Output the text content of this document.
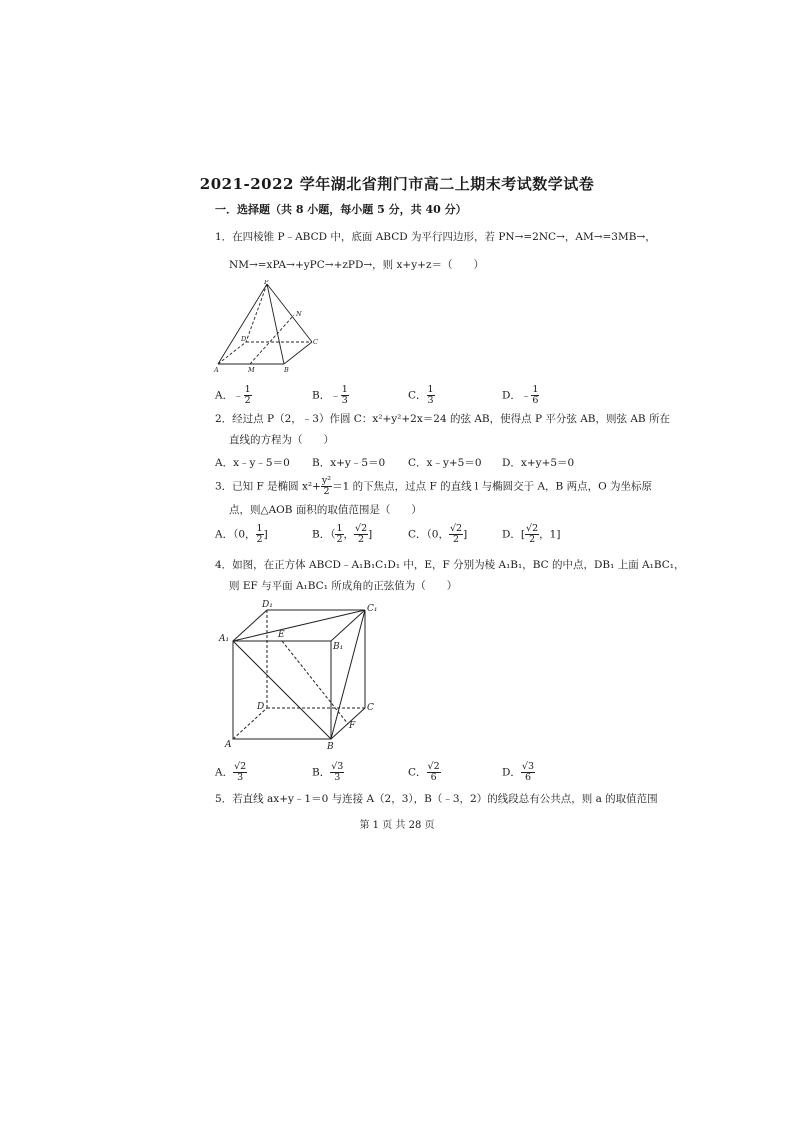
2021-2022 学年湖北省荆门市高二上期末考试数学试卷
一．选择题（共 8 小题，每小题 5 分，共 40 分）
1．在四棱锥 P﹣ABCD 中，底面 ABCD 为平行四边形，若 PN→=2NC→，AM→=3MB→，
NM→=xPA→+yPC→+zPD→，则 x+y+z＝（　　）
P
N
D	C
A	M	B
A．﹣ $\frac{1}{2}$	B．﹣ $\frac{1}{3}$	C． $\frac{1}{3}$	D．﹣ $\frac{1}{6}$
2．经过点 P（2，﹣3）作圆 C：x²+y²+2x＝24 的弦 AB，使得点 P 平分弦 AB，则弦 AB 所在
直线的方程为（　　）
A．x﹣y﹣5＝0 B．x+y﹣5＝0 C．x﹣y+5＝0 D．x+y+5＝0
3．已知 F 是椭圆 $x^2+ \frac{\text{y²}}{2} =1$ 的下焦点，过点 F 的直线 l 与椭圆交于 A，B 两点，O 为坐标原
点，则△AOB 面积的取值范围是（　　）
A．（0， $\frac{1}{2}$ ]	B．（ $\frac{1}{2}$ ， $\frac{√2}{2}$ ]	C．（0， $\frac{√2}{2}$ ]	D．[ $\frac{√2}{2}$ ，1]
4．如图，在正方体 ABCD﹣A₁B₁C₁D₁ 中，E，F 分别为棱 A₁B₁，BC 的中点，DB₁ 上面 A₁BC₁，
则 EF 与平面 A₁BC₁ 所成角的正弦值为（　　）
D₁	C₁
A₁	E
B₁
D	C
F
A	B
A． $\frac{√2}{3}$	B． $\frac{√3}{3}$	C． $\frac{√2}{6}$	D． $\frac{√3}{6}$
5．若直线 ax+y﹣1＝0 与连接 A（2，3），B（﹣3，2）的线段总有公共点，则 a 的取值范围
第 1 页 共 28 页
